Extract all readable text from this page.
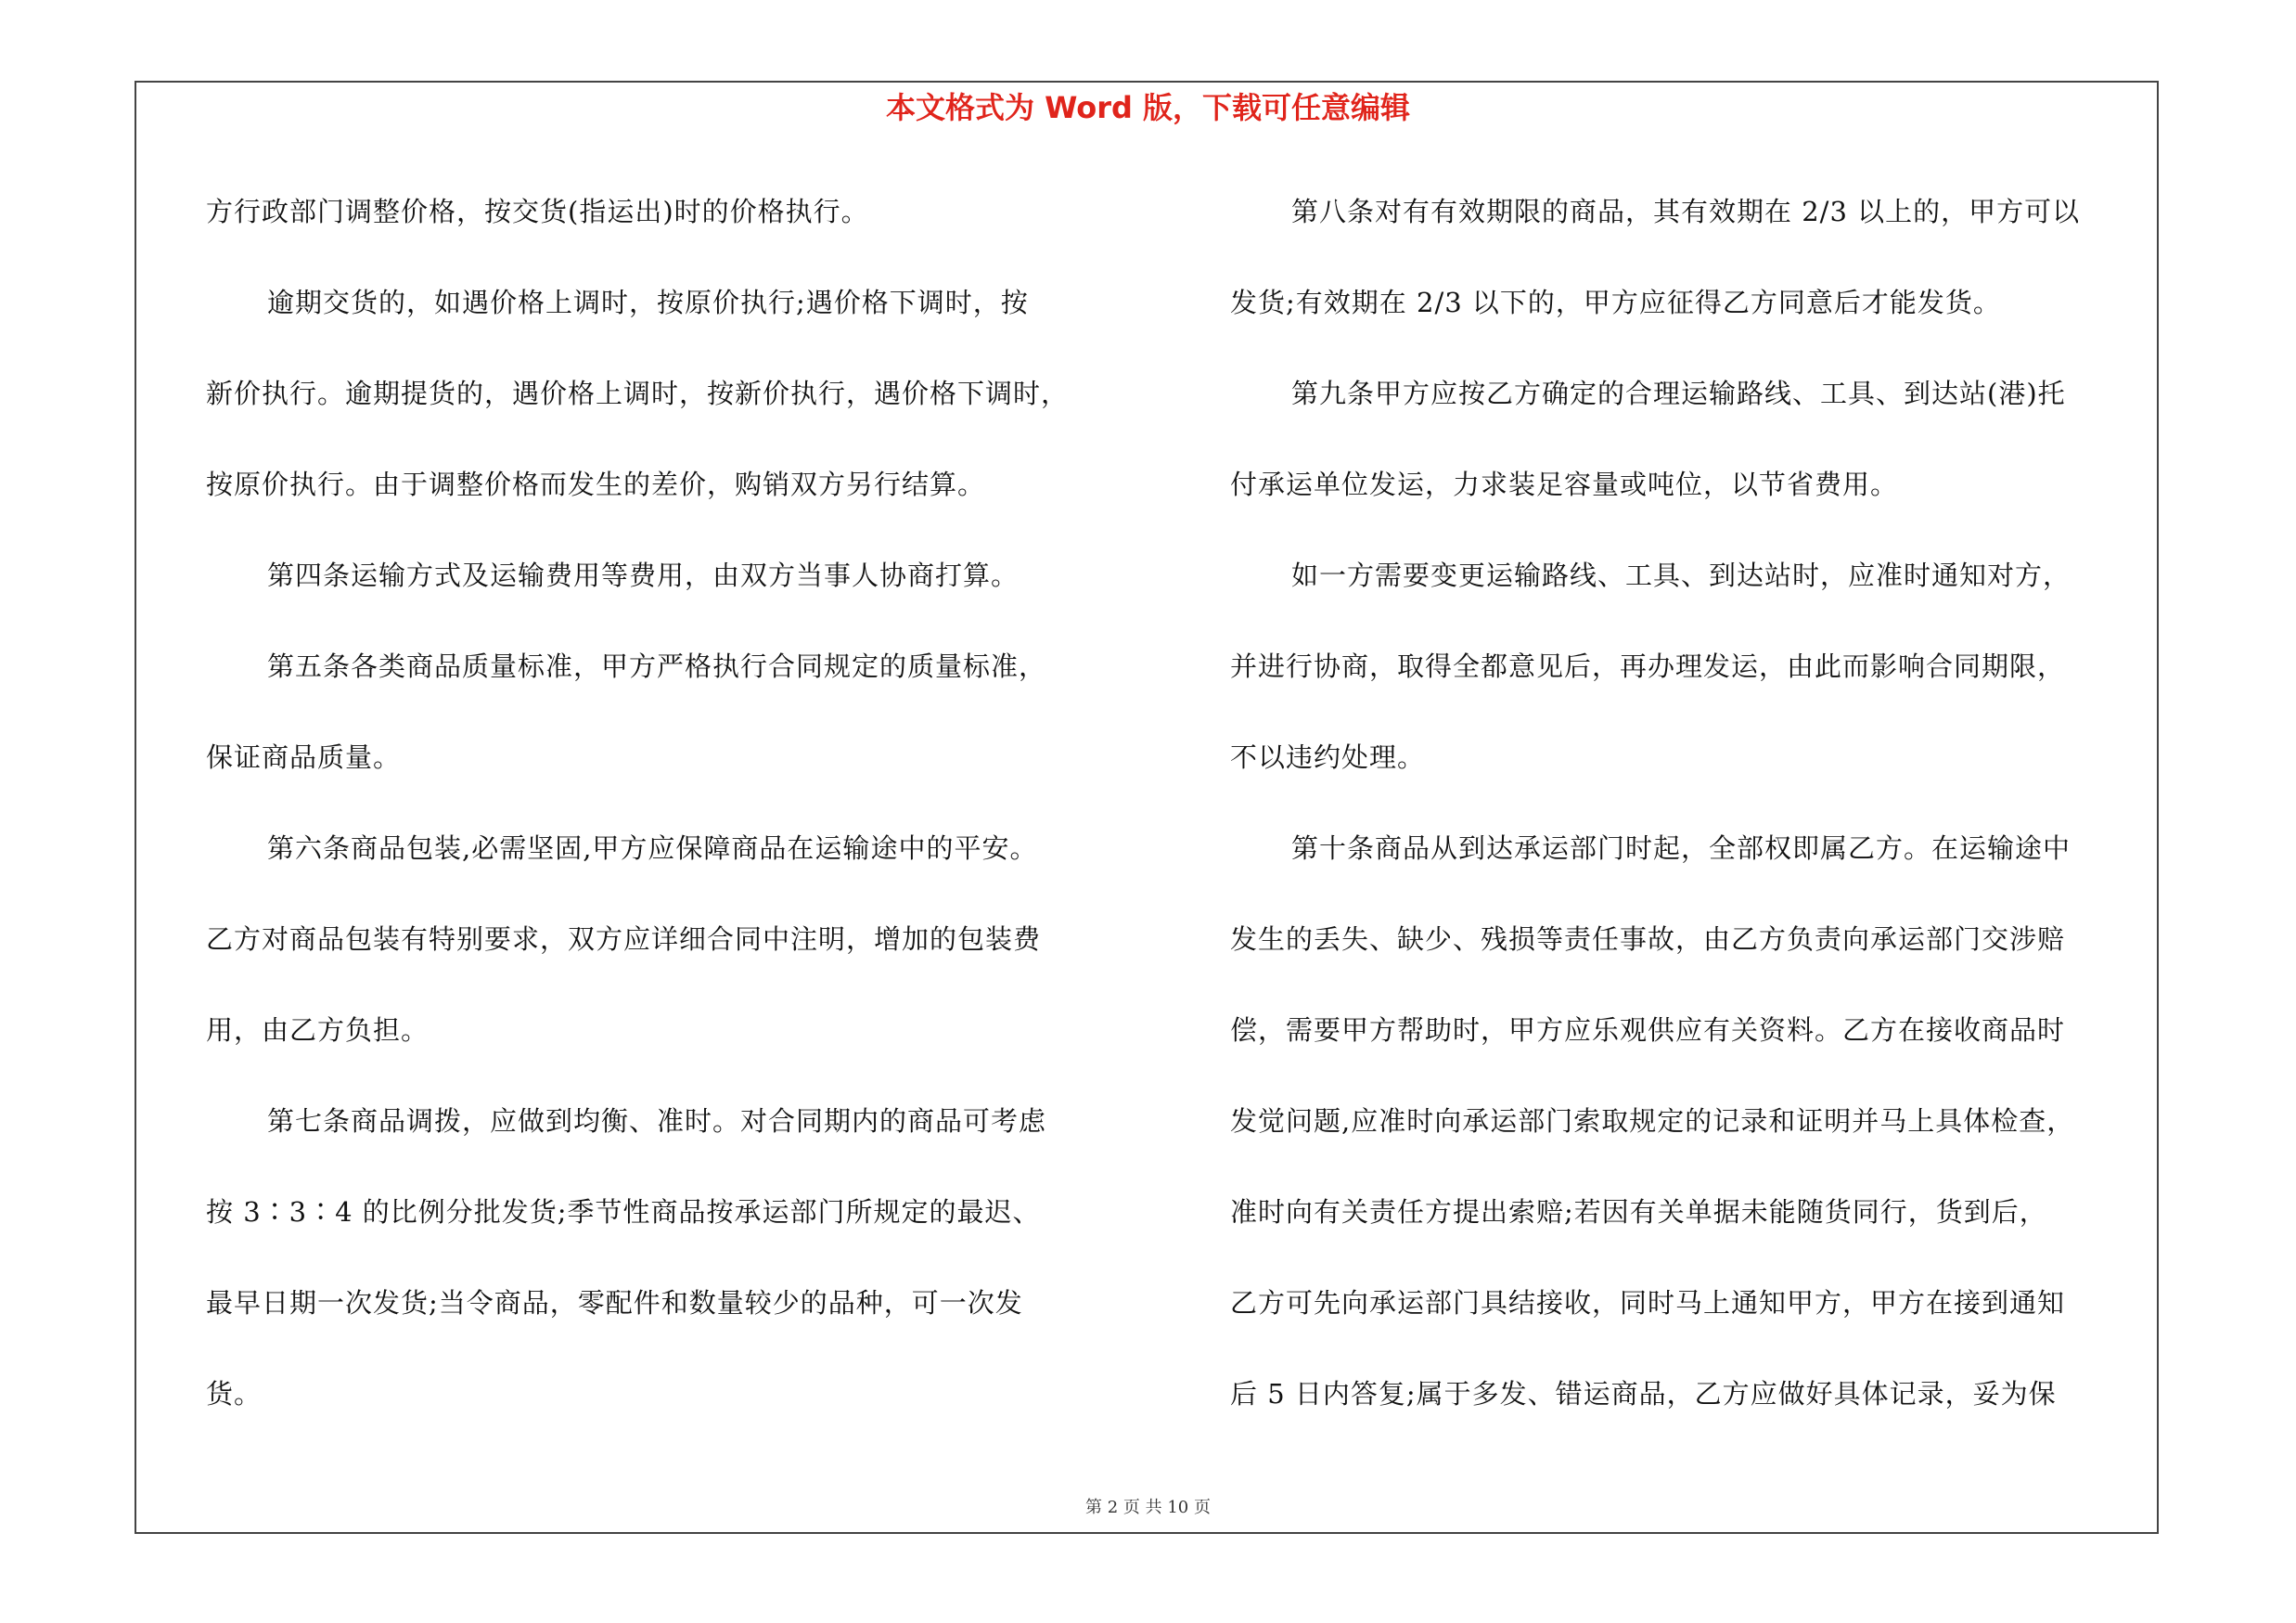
本文格式为 Word 版，下载可任意编辑
方行政部门调整价格，按交货(指运出)时的价格执行。
逾期交货的，如遇价格上调时，按原价执行;遇价格下调时，按
新价执行。逾期提货的，遇价格上调时，按新价执行，遇价格下调时，
按原价执行。由于调整价格而发生的差价，购销双方另行结算。
第四条运输方式及运输费用等费用，由双方当事人协商打算。
第五条各类商品质量标准，甲方严格执行合同规定的质量标准，
保证商品质量。
第六条商品包装,必需坚固,甲方应保障商品在运输途中的平安。
乙方对商品包装有特别要求，双方应详细合同中注明，增加的包装费
用，由乙方负担。
第七条商品调拨，应做到均衡、准时。对合同期内的商品可考虑
按 3∶3∶4 的比例分批发货;季节性商品按承运部门所规定的最迟、
最早日期一次发货;当令商品，零配件和数量较少的品种，可一次发
货。
第八条对有有效期限的商品，其有效期在 2/3 以上的，甲方可以
发货;有效期在 2/3 以下的，甲方应征得乙方同意后才能发货。
第九条甲方应按乙方确定的合理运输路线、工具、到达站(港)托
付承运单位发运，力求装足容量或吨位，以节省费用。
如一方需要变更运输路线、工具、到达站时，应准时通知对方，
并进行协商，取得全都意见后，再办理发运，由此而影响合同期限，
不以违约处理。
第十条商品从到达承运部门时起，全部权即属乙方。在运输途中
发生的丢失、缺少、残损等责任事故，由乙方负责向承运部门交涉赔
偿，需要甲方帮助时，甲方应乐观供应有关资料。乙方在接收商品时
发觉问题,应准时向承运部门索取规定的记录和证明并马上具体检查，
准时向有关责任方提出索赔;若因有关单据未能随货同行，货到后，
乙方可先向承运部门具结接收，同时马上通知甲方，甲方在接到通知
后 5 日内答复;属于多发、错运商品，乙方应做好具体记录，妥为保
第 2 页 共 10 页
